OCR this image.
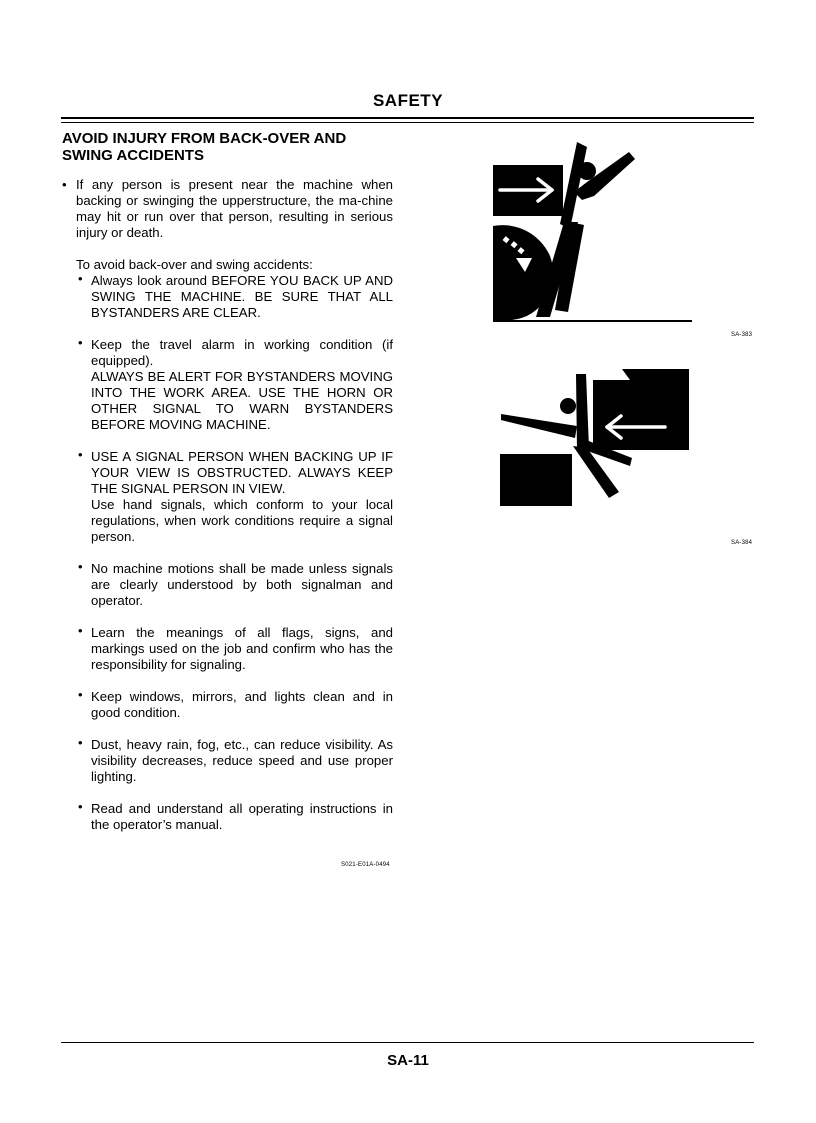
SAFETY
AVOID INJURY FROM BACK-OVER AND
SWING ACCIDENTS
• If any person is present near the machine when backing or swinging the upperstructure, the ma-chine may hit or run over that person, resulting in serious injury or death.

To avoid back-over and swing accidents:

• Always look around BEFORE YOU BACK UP AND SWING THE MACHINE. BE SURE THAT ALL BYSTANDERS ARE CLEAR.

• Keep the travel alarm in working condition (if equipped).

ALWAYS BE ALERT FOR BYSTANDERS MOVING INTO THE WORK AREA. USE THE HORN OR OTHER SIGNAL TO WARN BYSTANDERS BEFORE MOVING MACHINE.

• USE A SIGNAL PERSON WHEN BACKING UP IF YOUR VIEW IS OBSTRUCTED. ALWAYS KEEP THE SIGNAL PERSON IN VIEW.

Use hand signals, which conform to your local regulations, when work conditions require a signal person.

• No machine motions shall be made unless signals are clearly understood by both signalman and operator.

• Learn the meanings of all flags, signs, and markings used on the job and confirm who has the responsibility for signaling.

• Keep windows, mirrors, and lights clean and in good condition.

• Dust, heavy rain, fog, etc., can reduce visibility. As visibility decreases, reduce speed and use proper lighting.

• Read and understand all operating instructions in the operator’s manual.

S021-E01A-0494
SA-383
SA-384
SA-11
